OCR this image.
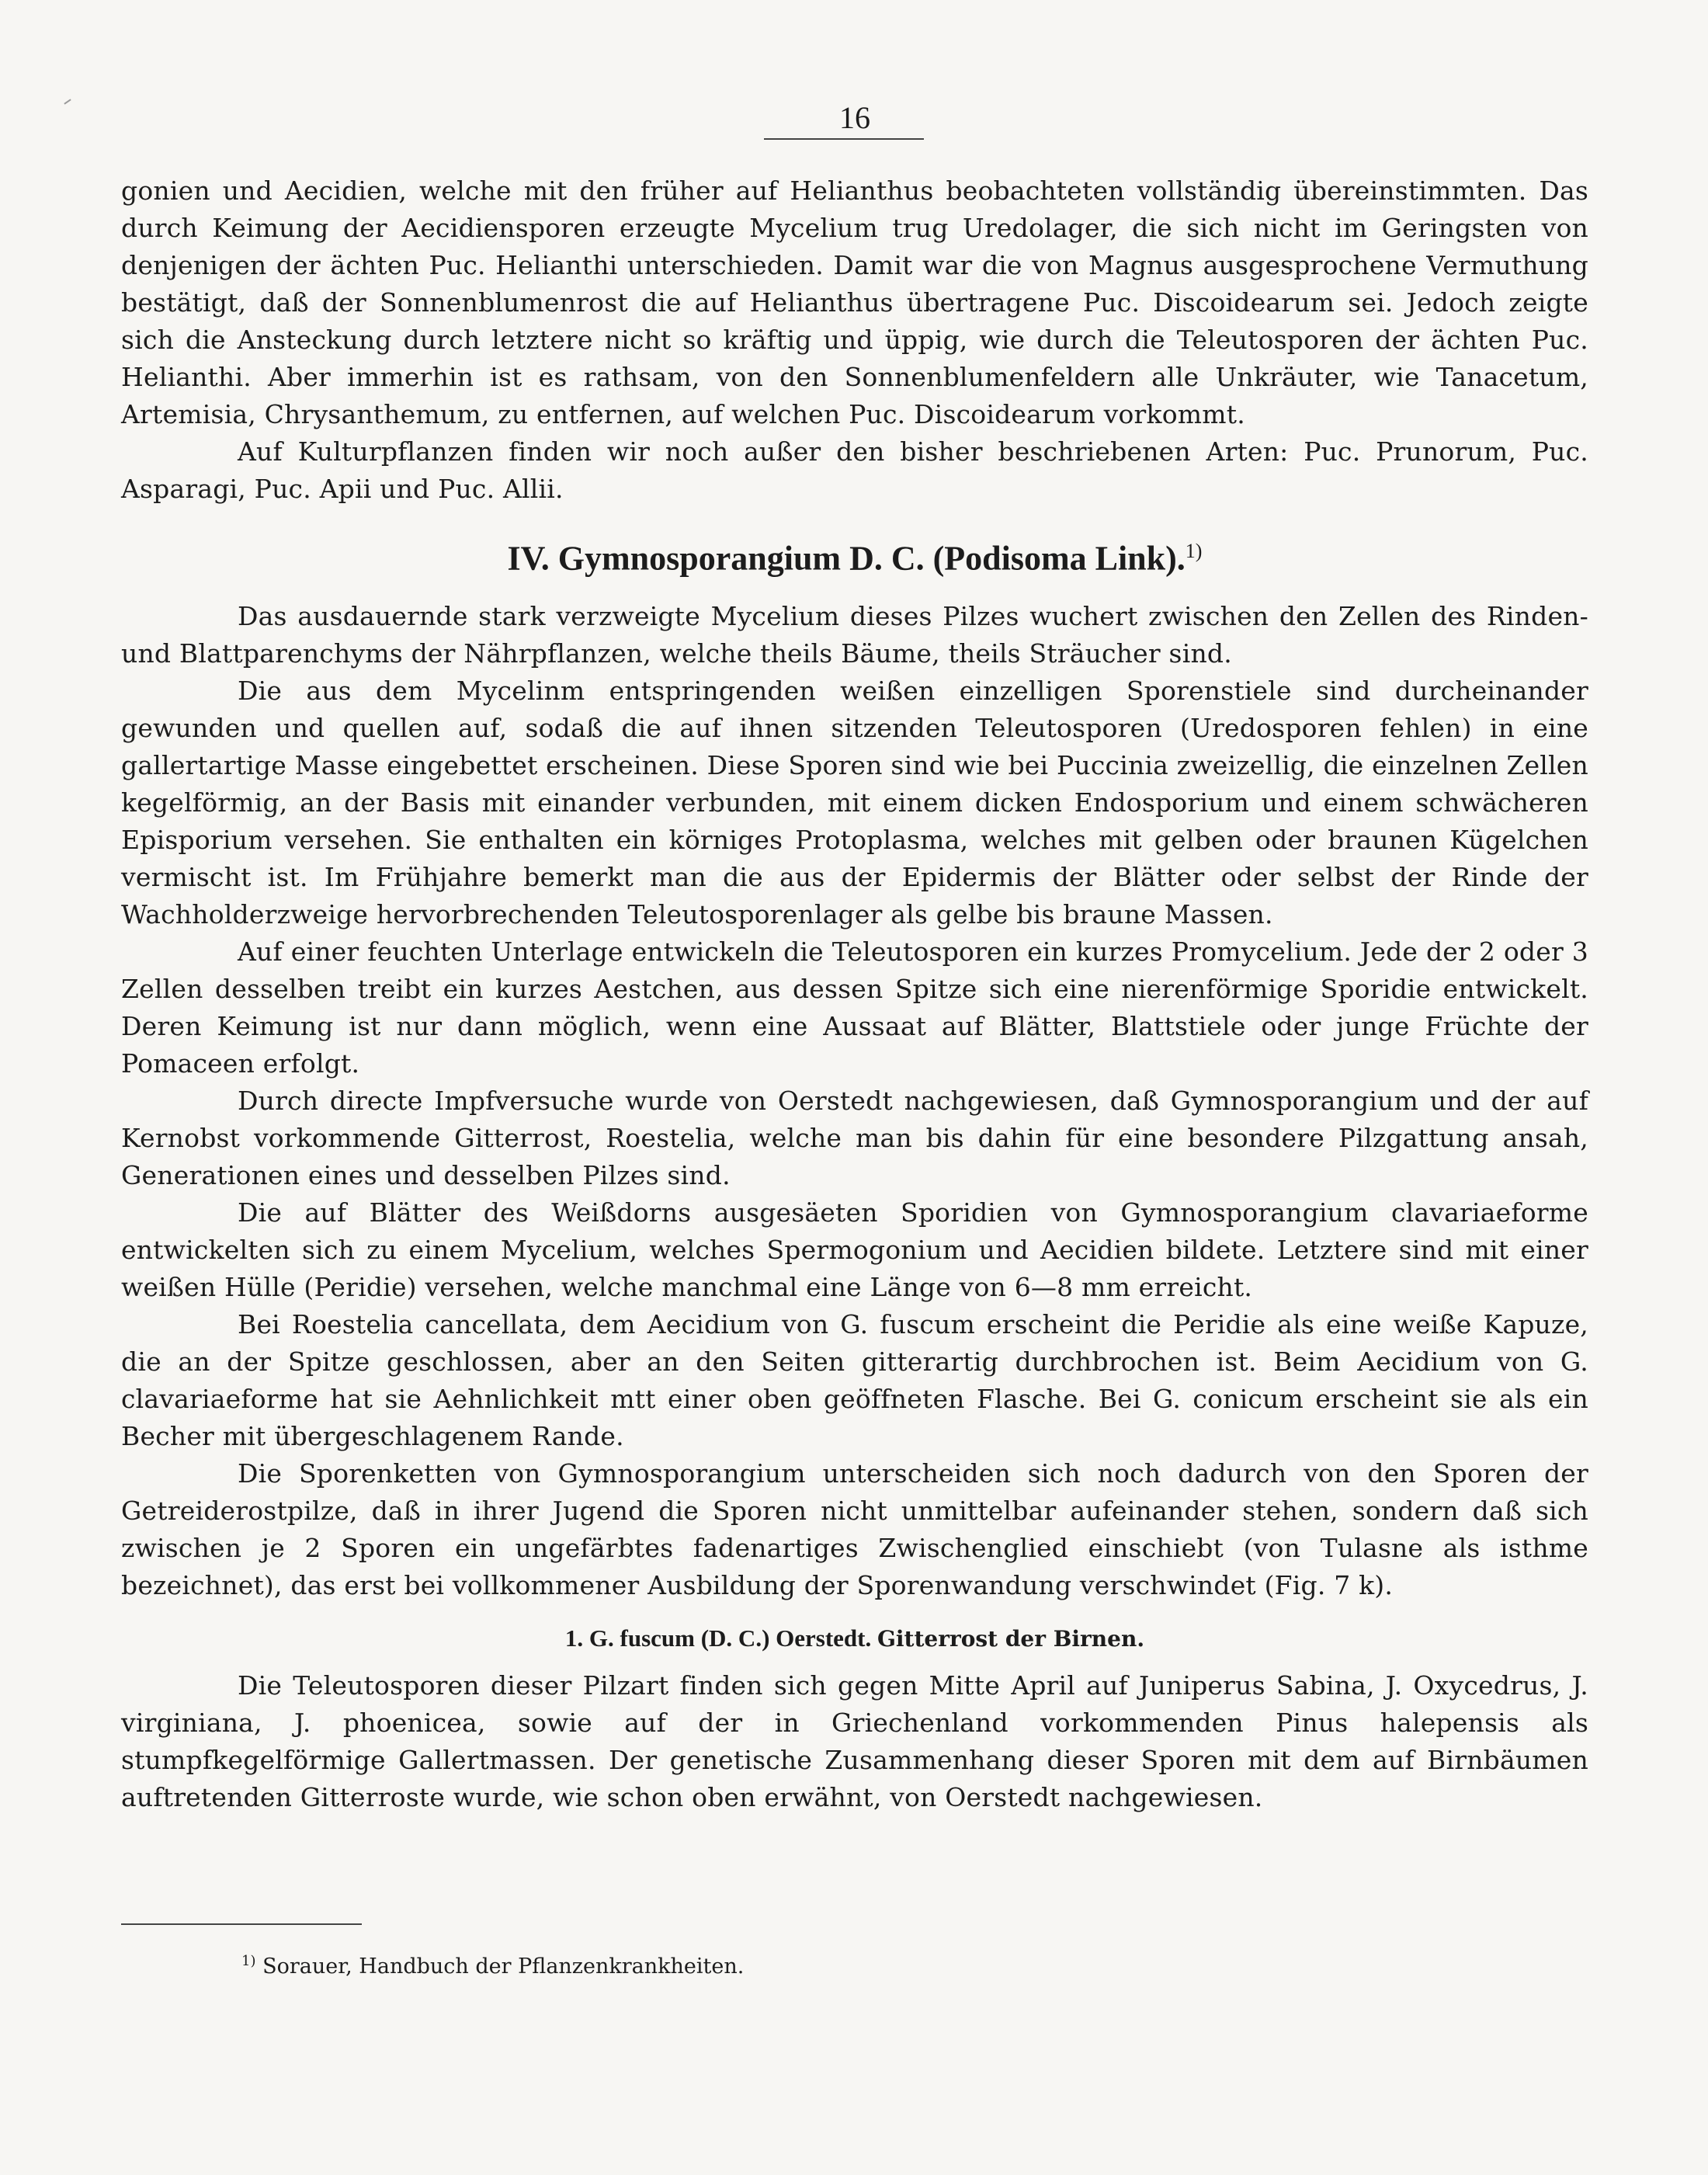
16

gonien und Aecidien, welche mit den früher auf Helianthus beobachteten vollständig übereinstimmten. Das durch Keimung der Aecidiensporen erzeugte Mycelium trug Uredolager, die sich nicht im Geringsten von denjenigen der ächten Puc. Helianthi unterschieden. Damit war die von Magnus ausgesprochene Vermuthung bestätigt, daß der Sonnenblumenrost die auf Helianthus übertragene Puc. Discoidearum sei. Jedoch zeigte sich die Ansteckung durch letztere nicht so kräftig und üppig, wie durch die Teleutosporen der ächten Puc. Helianthi. Aber immerhin ist es rathsam, von den Sonnenblumenfeldern alle Unkräuter, wie Tanacetum, Artemisia, Chrysanthemum, zu entfernen, auf welchen Puc. Discoidearum vorkommt.

Auf Kulturpflanzen finden wir noch außer den bisher beschriebenen Arten: Puc. Prunorum, Puc. Asparagi, Puc. Apii und Puc. Allii.

IV. Gymnosporangium D. C. (Podisoma Link).$^{1)}$

Das ausdauernde stark verzweigte Mycelium dieses Pilzes wuchert zwischen den Zellen des Rinden- und Blattparenchyms der Nährpflanzen, welche theils Bäume, theils Sträucher sind.

Die aus dem Mycelinm entspringenden weißen einzelligen Sporenstiele sind durcheinander gewunden und quellen auf, sodaß die auf ihnen sitzenden Teleutosporen (Uredosporen fehlen) in eine gallertartige Masse eingebettet erscheinen. Diese Sporen sind wie bei Puccinia zweizellig, die einzelnen Zellen kegelförmig, an der Basis mit einander verbunden, mit einem dicken Endosporium und einem schwächeren Episporium versehen. Sie enthalten ein körniges Protoplasma, welches mit gelben oder braunen Kügelchen vermischt ist. Im Frühjahre bemerkt man die aus der Epidermis der Blätter oder selbst der Rinde der Wachholderzweige hervorbrechenden Teleutosporenlager als gelbe bis braune Massen.

Auf einer feuchten Unterlage entwickeln die Teleutosporen ein kurzes Promycelium. Jede der 2 oder 3 Zellen desselben treibt ein kurzes Aestchen, aus dessen Spitze sich eine nierenförmige Sporidie entwickelt. Deren Keimung ist nur dann möglich, wenn eine Aussaat auf Blätter, Blattstiele oder junge Früchte der Pomaceen erfolgt.

Durch directe Impfversuche wurde von Oerstedt nachgewiesen, daß Gymnosporangium und der auf Kernobst vorkommende Gitterrost, Roestelia, welche man bis dahin für eine besondere Pilzgattung ansah, Generationen eines und desselben Pilzes sind.

Die auf Blätter des Weißdorns ausgesäeten Sporidien von Gymnosporangium clavariaeforme entwickelten sich zu einem Mycelium, welches Spermogonium und Aecidien bildete. Letztere sind mit einer weißen Hülle (Peridie) versehen, welche manchmal eine Länge von 6—8 mm erreicht.

Bei Roestelia cancellata, dem Aecidium von G. fuscum erscheint die Peridie als eine weiße Kapuze, die an der Spitze geschlossen, aber an den Seiten gitterartig durchbrochen ist. Beim Aecidium von G. clavariaeforme hat sie Aehnlichkeit mtt einer oben geöffneten Flasche. Bei G. conicum erscheint sie als ein Becher mit übergeschlagenem Rande.

Die Sporenketten von Gymnosporangium unterscheiden sich noch dadurch von den Sporen der Getreiderostpilze, daß in ihrer Jugend die Sporen nicht unmittelbar aufeinander stehen, sondern daß sich zwischen je 2 Sporen ein ungefärbtes fadenartiges Zwischenglied einschiebt (von Tulasne als isthme bezeichnet), das erst bei vollkommener Ausbildung der Sporenwandung verschwindet (Fig. 7 k).

1. G. fuscum (D. C.) Oerstedt. Gitterrost der Birnen.

Die Teleutosporen dieser Pilzart finden sich gegen Mitte April auf Juniperus Sabina, J. Oxycedrus, J. virginiana, J. phoenicea, sowie auf der in Griechenland vorkommenden Pinus halepensis als stumpfkegelförmige Gallertmassen. Der genetische Zusammenhang dieser Sporen mit dem auf Birnbäumen auftretenden Gitterroste wurde, wie schon oben erwähnt, von Oerstedt nachgewiesen.

$^{1)}$ Sorauer, Handbuch der Pflanzenkrankheiten.
